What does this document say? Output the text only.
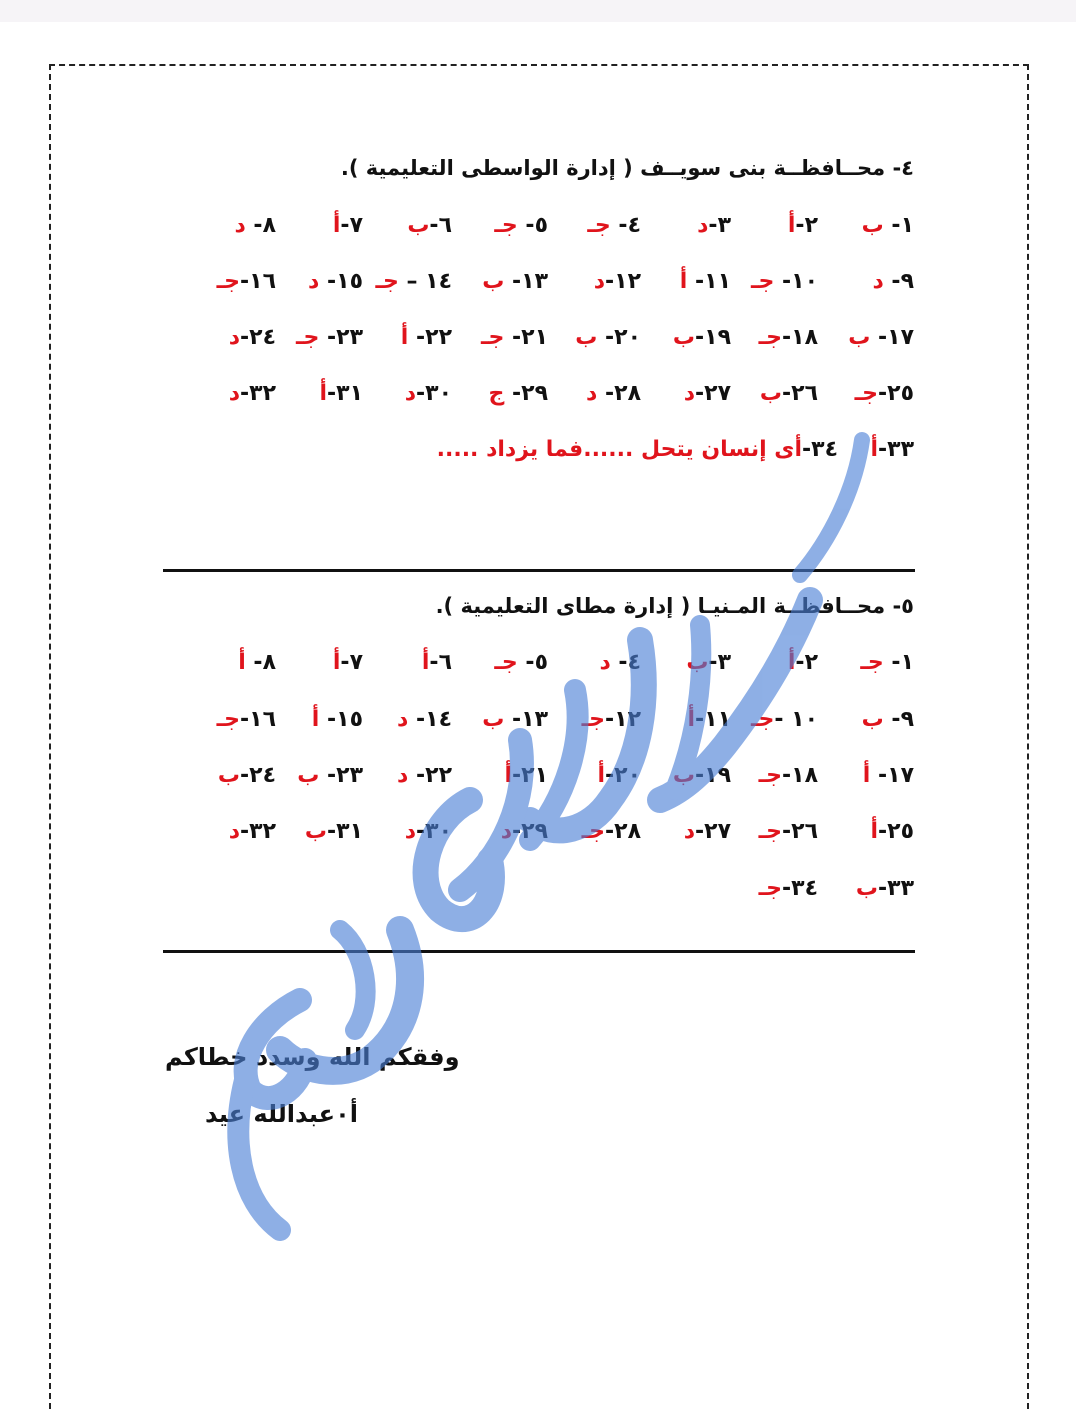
٤- محــافظــة بنى سويــف ( إدارة الواسطى التعليمية ).
١- ب
٢-أ
٣-د
٤- جـ
٥- جـ
٦-ب
٧-أ
٨- د
٩- د
١٠- جـ
١١- أ
١٢-د
١٣- ب
١٤ – جـ
١٥- د
١٦-جـ
١٧- ب
١٨-جـ
١٩-ب
٢٠- ب
٢١- جـ
٢٢- أ
٢٣- جـ
٢٤-د
٢٥-جـ
٢٦-ب
٢٧-د
٢٨- د
٢٩- ج
٣٠-د
٣١-أ
٣٢-د
٣٣-أ
٣٤-أى إنسان يتحل ......فما يزداد .....
٥- محــافظــة المـنيـا ( إدارة مطاى التعليمية ).
١- جـ
٢-أ
٣-ب
٤- د
٥- جـ
٦-أ
٧-أ
٨- أ
٩- ب
١٠ -جـ
١١-أ
١٢-جـ
١٣- ب
١٤- د
١٥- أ
١٦-جـ
١٧- أ
١٨-جـ
١٩-ب
٢٠-أ
٢١-أ
٢٢- د
٢٣- ب
٢٤-ب
٢٥-أ
٢٦-جـ
٢٧-د
٢٨-جـ
٢٩-د
٣٠-د
٣١-ب
٣٢-د
٣٣-ب
٣٤-جـ
وفقكم الله وسدد خطاكم
أ٠عبدالله عيد
